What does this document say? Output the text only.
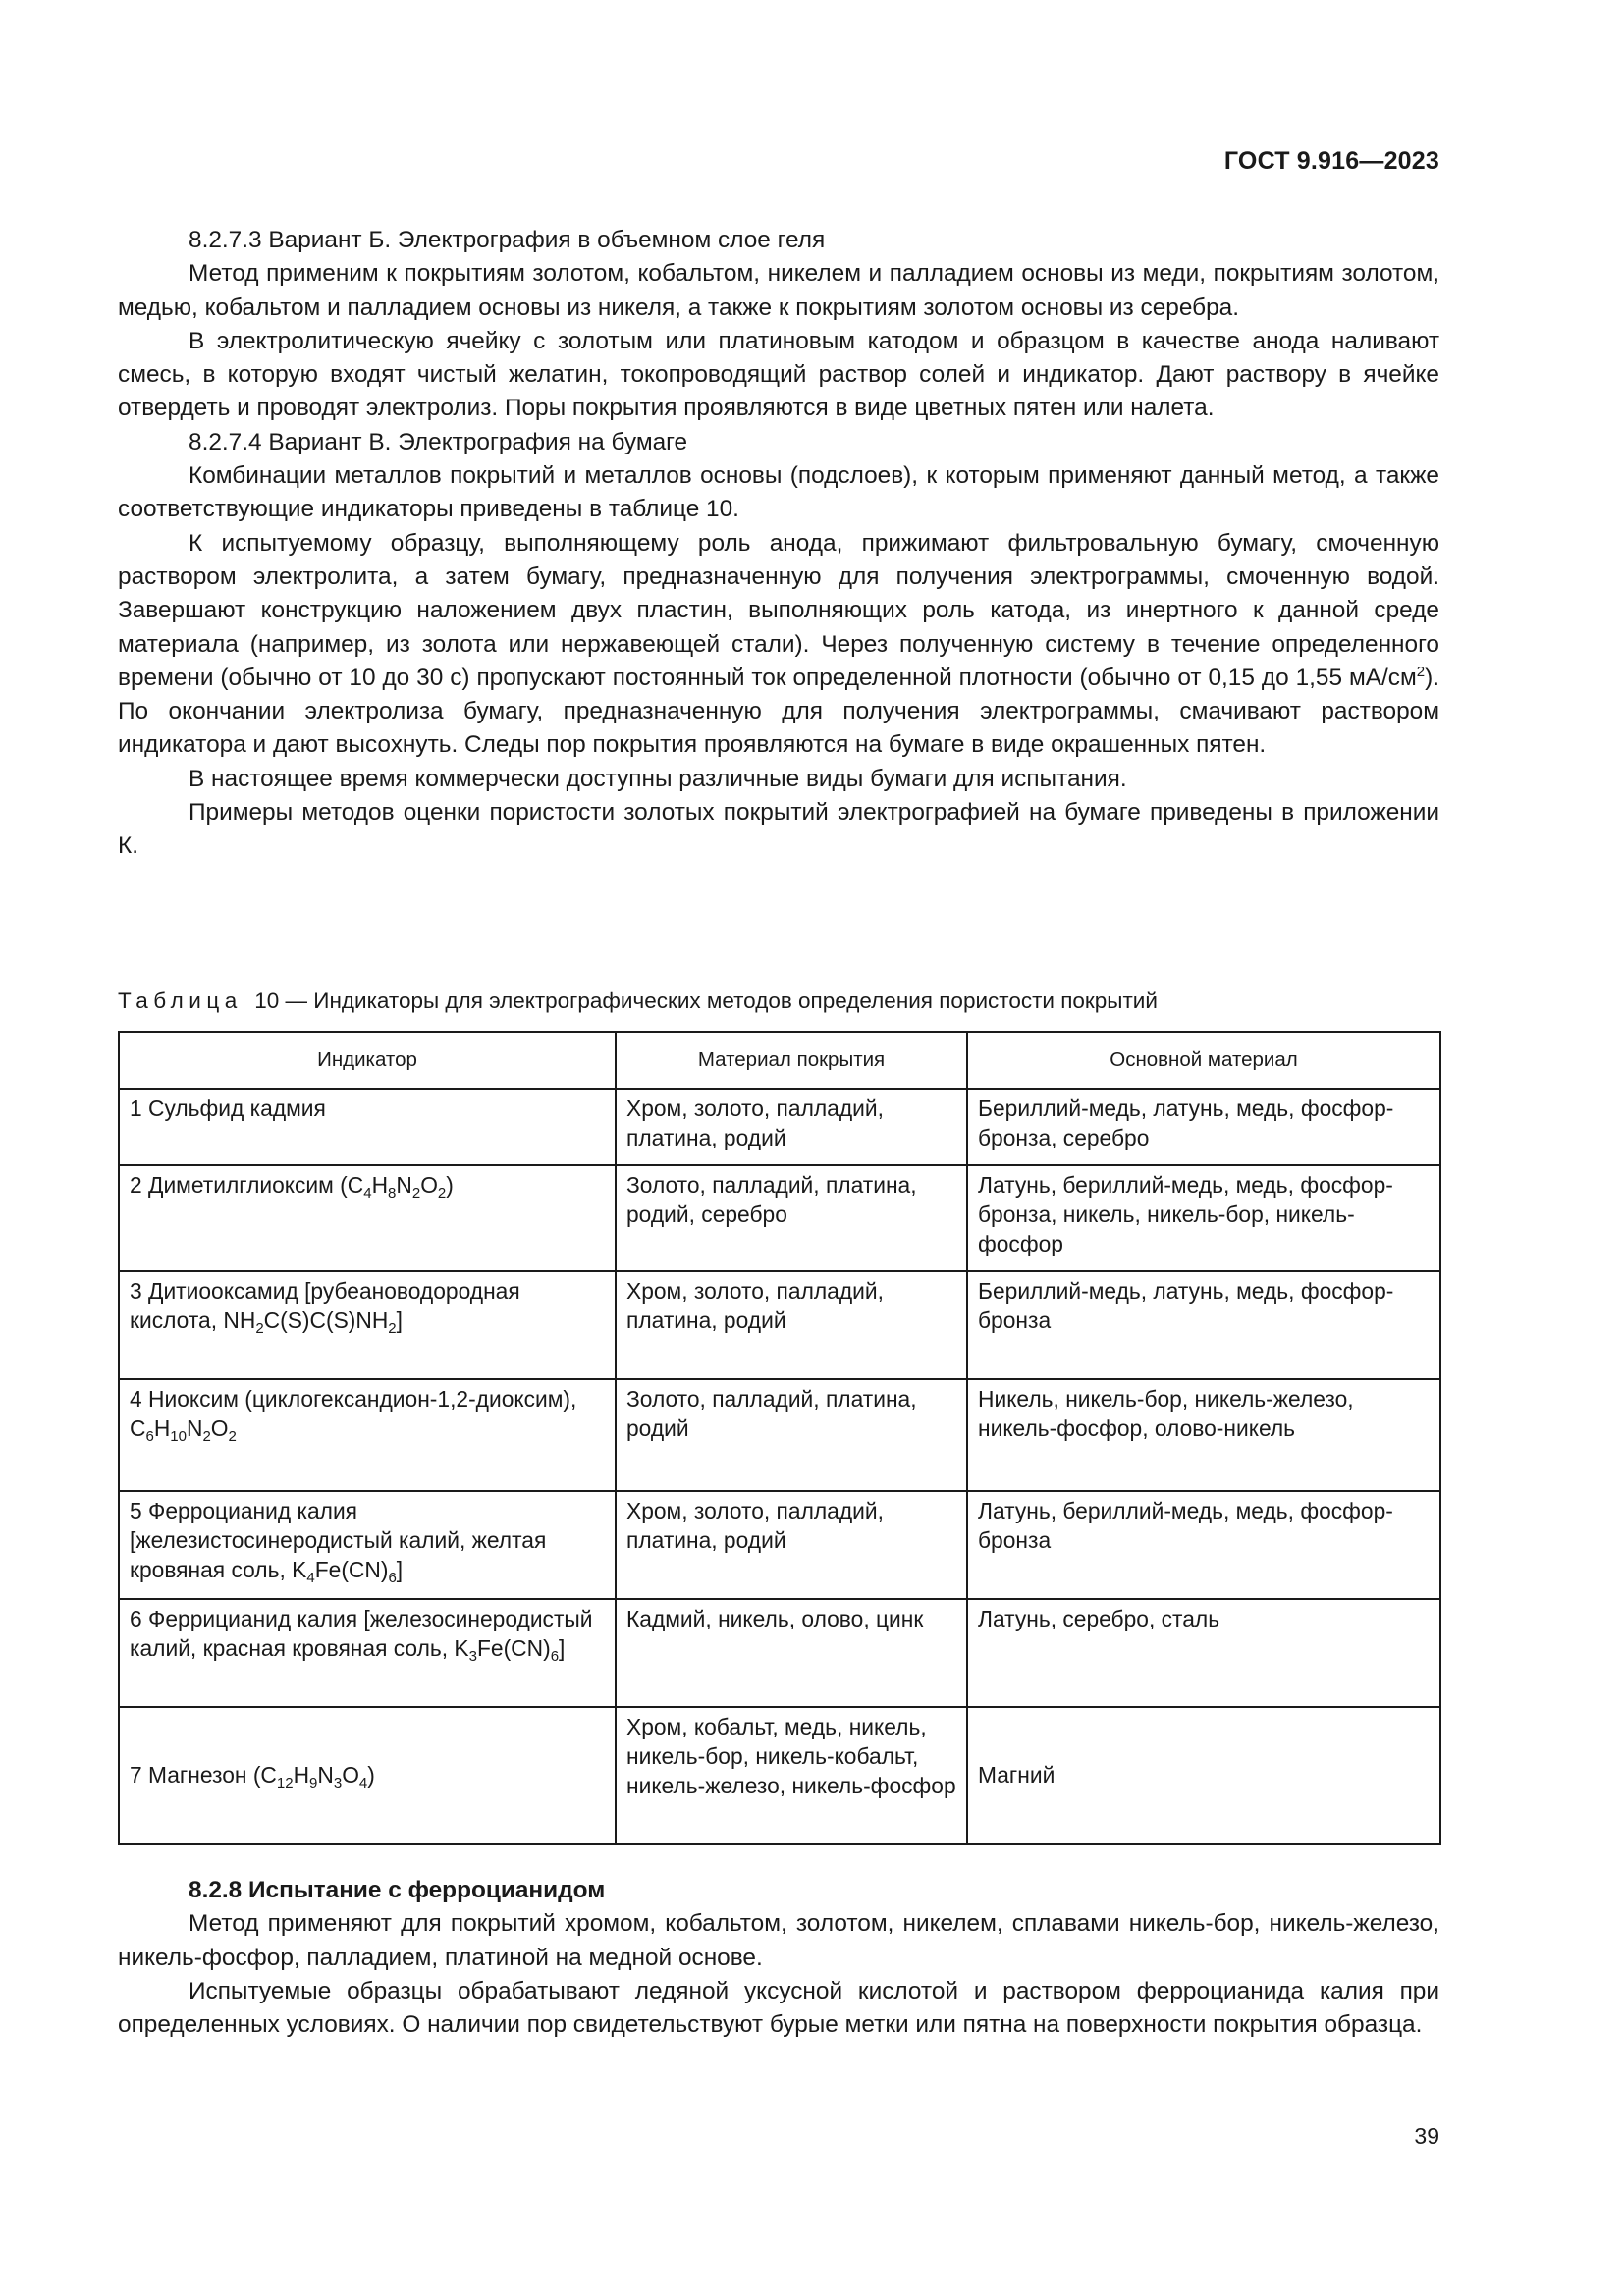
ГОСТ 9.916—2023

8.2.7.3 Вариант Б. Электрография в объемном слое геля

Метод применим к покрытиям золотом, кобальтом, никелем и палладием основы из меди, покрытиям золотом, медью, кобальтом и палладием основы из никеля, а также к покрытиям золотом основы из серебра.

В электролитическую ячейку с золотым или платиновым катодом и образцом в качестве анода наливают смесь, в которую входят чистый желатин, токопроводящий раствор солей и индикатор. Дают раствору в ячейке отвердеть и проводят электролиз. Поры покрытия проявляются в виде цветных пятен или налета.

8.2.7.4 Вариант В. Электрография на бумаге

Комбинации металлов покрытий и металлов основы (подслоев), к которым применяют данный метод, а также соответствующие индикаторы приведены в таблице 10.

К испытуемому образцу, выполняющему роль анода, прижимают фильтровальную бумагу, смоченную раствором электролита, а затем бумагу, предназначенную для получения электрограммы, смоченную водой. Завершают конструкцию наложением двух пластин, выполняющих роль катода, из инертного к данной среде материала (например, из золота или нержавеющей стали). Через полученную систему в течение определенного времени (обычно от 10 до 30 с) пропускают постоянный ток определенной плотности (обычно от 0,15 до 1,55 $мА/см^2$). По окончании электролиза бумагу, предназначенную для получения электрограммы, смачивают раствором индикатора и дают высохнуть. Следы пор покрытия проявляются на бумаге в виде окрашенных пятен.

В настоящее время коммерчески доступны различные виды бумаги для испытания.

Примеры методов оценки пористости золотых покрытий электрографией на бумаге приведены в приложении К.

Таблица 10 — Индикаторы для электрографических методов определения пористости покрытий
Индикатор	Материал покрытия	Основной материал
1 Сульфид кадмия	Хром, золото, палладий, платина, родий	Бериллий-медь, латунь, медь, фосфор-бронза, серебро
2 Диметилглиоксим $(C_4H_8N_2O_2)$	Золото, палладий, платина, родий, серебро	Латунь, бериллий-медь, медь, фосфор-бронза, никель, никель-бор, никель-фосфор
3 Дитиооксамид [рубеановодородная кислота, $NH_2C(S)C(S)NH_2$]	Хром, золото, палладий, платина, родий	Бериллий-медь, латунь, медь, фосфор-бронза
4 Ниоксим (циклогександион-1,2-диоксим), $C_6H_{10}N_2O_2$	Золото, палладий, платина, родий	Никель, никель-бор, никель-железо, никель-фосфор, олово-никель
5 Ферроцианид калия [железистосинеродистый калий, желтая кровяная соль, $K_4Fe(CN)_6$]	Хром, золото, палладий, платина, родий	Латунь, бериллий-медь, медь, фосфор-бронза
6 Феррицианид калия [железосинеродистый калий, красная кровяная соль, $K_3Fe(CN)_6$]	Кадмий, никель, олово, цинк	Латунь, серебро, сталь
7 Магнезон $(C_{12}H_9N_3O_4)$	Хром, кобальт, медь, никель, никель-бор, никель-кобальт, никель-железо, никель-фосфор	Магний

8.2.8 Испытание с ферроцианидом

Метод применяют для покрытий хромом, кобальтом, золотом, никелем, сплавами никель-бор, никель-железо, никель-фосфор, палладием, платиной на медной основе.

Испытуемые образцы обрабатывают ледяной уксусной кислотой и раствором ферроцианида калия при определенных условиях. О наличии пор свидетельствуют бурые метки или пятна на поверхности покрытия образца.

39
